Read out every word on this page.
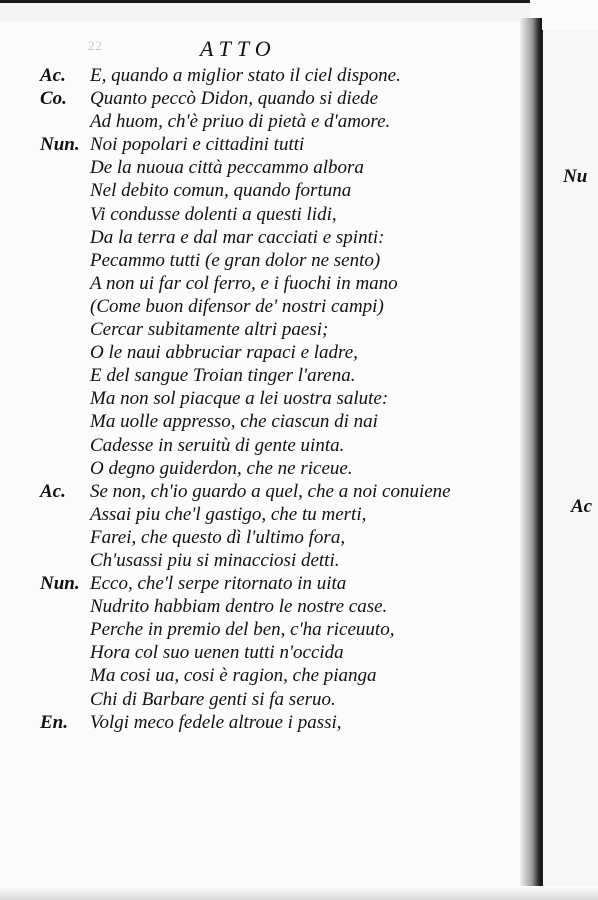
Nu
Ac
22	ATTO
Ac. E, quando a miglior stato il ciel dispone.
Co. Quanto peccò Didon, quando si diede
Ad huom, ch'è priuo di pietà e d'amore.
Nun. Noi popolari e cittadini tutti
De la nuoua città peccammo albora
Nel debito comun, quando fortuna
Vi condusse dolenti a questi lidi,
Da la terra e dal mar cacciati e spinti:
Pecammo tutti (e gran dolor ne sento)
A non ui far col ferro, e i fuochi in mano
(Come buon difensor de' nostri campi)
Cercar subitamente altri paesi;
O le naui abbruciar rapaci e ladre,
E del sangue Troian tinger l'arena.
Ma non sol piacque a lei uostra salute:
Ma uolle appresso, che ciascun di nai
Cadesse in seruitù di gente uinta.
O degno guiderdon, che ne riceue.
Ac. Se non, ch'io guardo a quel, che a noi conuiene
Assai piu che'l gastigo, che tu merti,
Farei, che questo dì l'ultimo fora,
Ch'usassi piu si minacciosi detti.
Nun. Ecco, che'l serpe ritornato in uita
Nudrito habbiam dentro le nostre case.
Perche in premio del ben, c'ha riceuuto,
Hora col suo uenen tutti n'occida
Ma cosi ua, cosi è ragion, che pianga
Chi di Barbare genti si fa seruo.
En. Volgi meco fedele altroue i passi,
